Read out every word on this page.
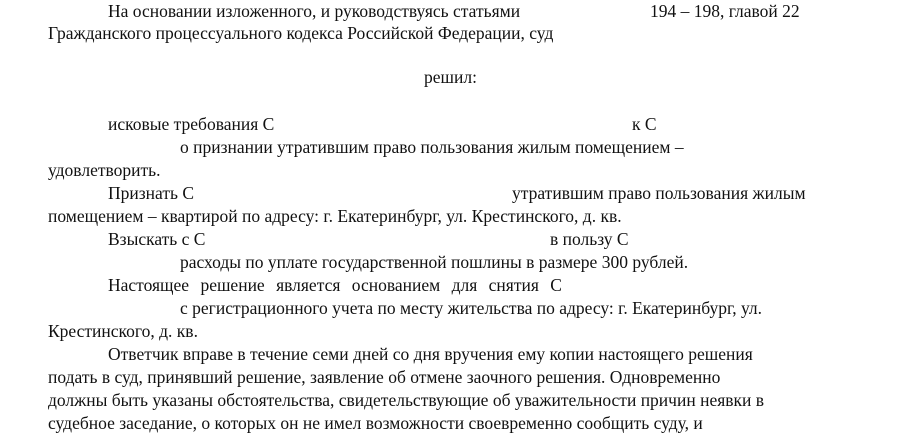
На основании изложенного, и руководствуясь статьями	194 – 198, главой 22
Гражданского процессуального кодекса Российской Федерации, суд
решил:
исковые требования С	к С
о признании утратившим право пользования жилым помещением –
удовлетворить.
Признать С	утратившим право пользования жилым
помещением – квартирой по адресу: г. Екатеринбург, ул. Крестинского, д. кв.
Взыскать с С	в пользу С
расходы по уплате государственной пошлины в размере 300 рублей.
Настоящее решение является основанием для снятия С
с регистрационного учета по месту жительства по адресу: г. Екатеринбург, ул.
Крестинского, д. кв.
Ответчик вправе в течение семи дней со дня вручения ему копии настоящего решения
подать в суд, принявший решение, заявление об отмене заочного решения. Одновременно
должны быть указаны обстоятельства, свидетельствующие об уважительности причин неявки в
судебное заседание, о которых он не имел возможности своевременно сообщить суду, и
